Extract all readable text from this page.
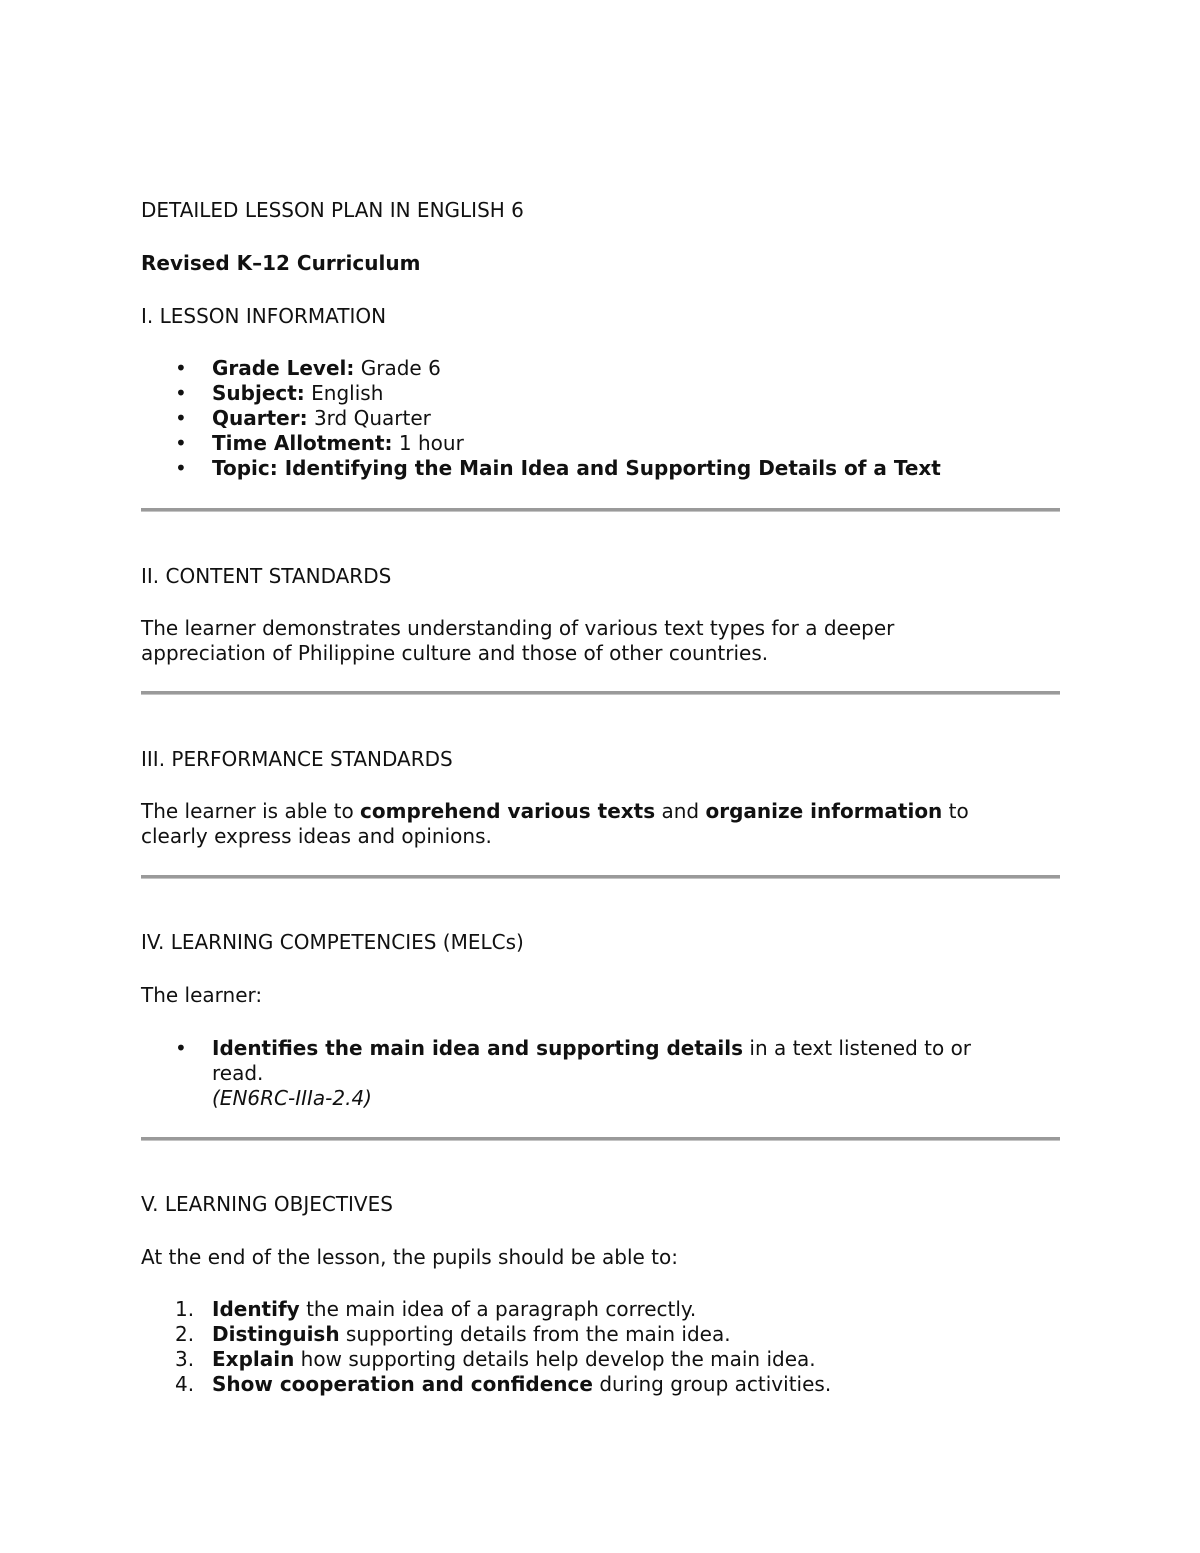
DETAILED LESSON PLAN IN ENGLISH 6
Revised K–12 Curriculum
I. LESSON INFORMATION
• Grade Level: Grade 6
• Subject: English
• Quarter: 3rd Quarter
• Time Allotment: 1 hour
• Topic: Identifying the Main Idea and Supporting Details of a Text
II. CONTENT STANDARDS
The learner demonstrates understanding of various text types for a deeper
appreciation of Philippine culture and those of other countries.
III. PERFORMANCE STANDARDS
The learner is able to comprehend various texts and organize information to
clearly express ideas and opinions.
IV. LEARNING COMPETENCIES (MELCs)
The learner:
• Identifies the main idea and supporting details in a text listened to or
read.
(EN6RC-IIIa-2.4)
V. LEARNING OBJECTIVES
At the end of the lesson, the pupils should be able to:
1. Identify the main idea of a paragraph correctly.
2. Distinguish supporting details from the main idea.
3. Explain how supporting details help develop the main idea.
4. Show cooperation and confidence during group activities.
